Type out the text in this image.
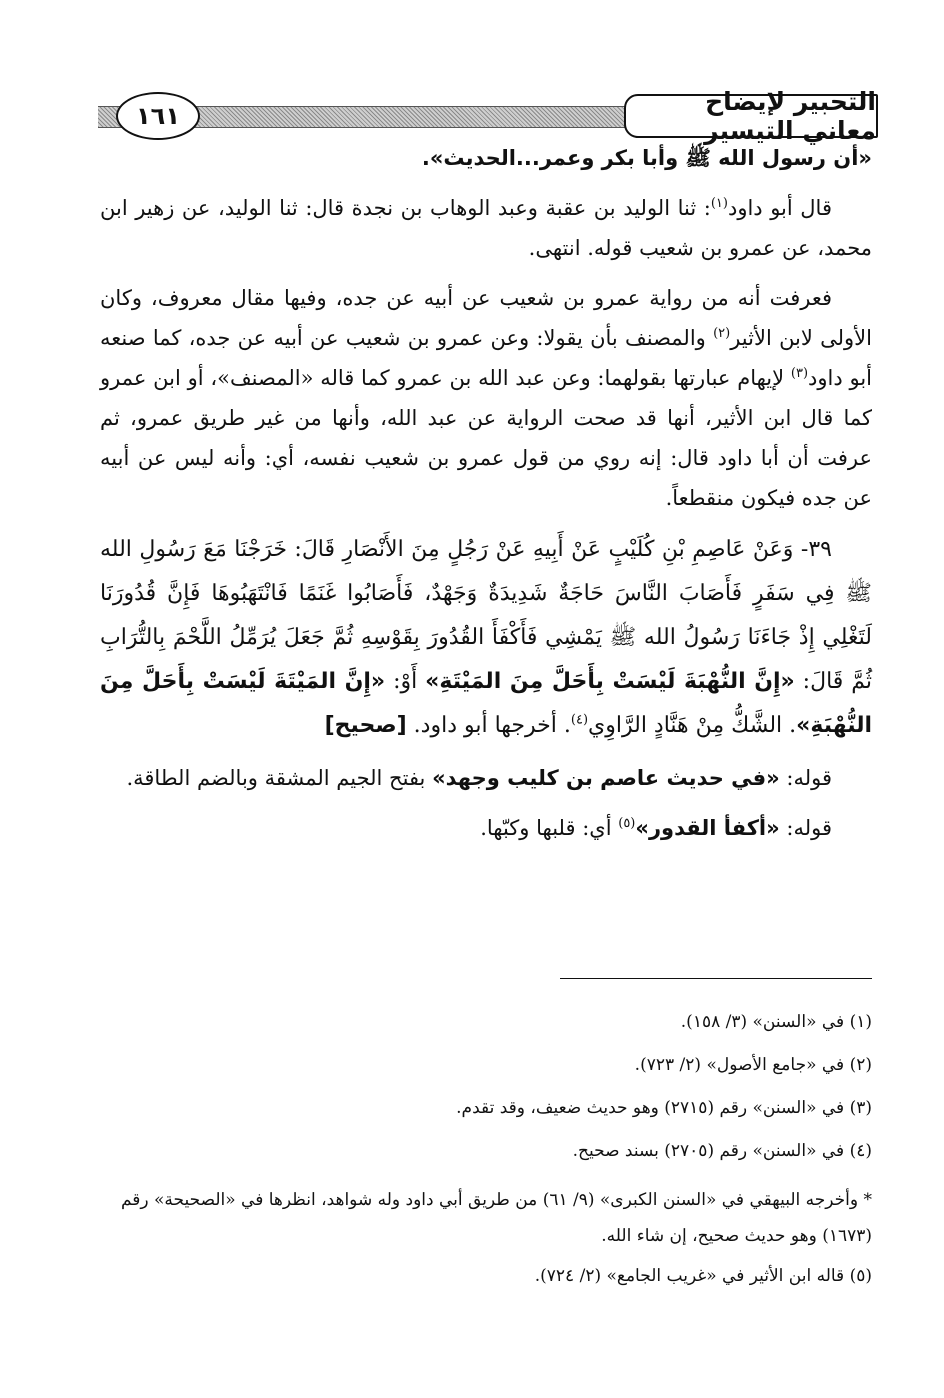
١٦١	التحبير لإيضاح معاني التيسير

«أن رسول الله ﷺ وأبا بكر وعمر...الحديث».

قال أبو داود$^{(١)}$: ثنا الوليد بن عقبة وعبد الوهاب بن نجدة قال: ثنا الوليد، عن زهير ابن محمد، عن عمرو بن شعيب قوله. انتهى.

فعرفت أنه من رواية عمرو بن شعيب عن أبيه عن جده، وفيها مقال معروف، وكان الأولى لابن الأثير$^{(٢)}$ والمصنف بأن يقولا: وعن عمرو بن شعيب عن أبيه عن جده، كما صنعه أبو داود$^{(٣)}$ لإيهام عبارتها بقولهما: وعن عبد الله بن عمرو كما قاله «المصنف»، أو ابن عمرو كما قال ابن الأثير، أنها قد صحت الرواية عن عبد الله، وأنها من غير طريق عمرو، ثم عرفت أن أبا داود قال: إنه روي من قول عمرو بن شعيب نفسه، أي: وأنه ليس عن أبيه عن جده فيكون منقطعاً.

٣٩- وَعَنْ عَاصِمِ بْنِ كُلَيْبٍ عَنْ أَبِيهِ عَنْ رَجُلٍ مِنَ الأَنْصَارِ قَالَ: خَرَجْنَا مَعَ رَسُولِ الله ﷺ فِي سَفَرٍ فَأَصَابَ النَّاسَ حَاجَةٌ شَدِيدَةٌ وَجَهْدٌ، فَأَصَابُوا غَنَمًا فَانْتَهَبُوهَا فَإِنَّ قُدُورَنَا لَتَغْلِي إِذْ جَاءَنَا رَسُولُ الله ﷺ يَمْشِي فَأَكْفَأَ القُدُورَ بِقَوْسِهِ ثُمَّ جَعَلَ يُرَمِّلُ اللَّحْمَ بِالتُّرَابِ ثُمَّ قَالَ: «إِنَّ النُّهْبَةَ لَيْسَتْ بِأَحَلَّ مِنَ المَيْتَةِ» أَوْ: «إِنَّ المَيْتَةَ لَيْسَتْ بِأَحَلَّ مِنَ النُّهْبَةِ». الشَّكُّ مِنْ هَنَّادٍ الرَّاوِي$^{(٤)}$. أخرجها أبو داود. [صحيح]

قوله: «في حديث عاصم بن كليب وجهد» بفتح الجيم المشقة وبالضم الطاقة.

قوله: «أكفأ القدور»$^{(٥)}$ أي: قلبها وكبّها.

(١) في «السنن» (٣/ ١٥٨).
(٢) في «جامع الأصول» (٢/ ٧٢٣).
(٣) في «السنن» رقم (٢٧١٥) وهو حديث ضعيف، وقد تقدم.
(٤) في «السنن» رقم (٢٧٠٥) بسند صحيح.
* وأخرجه البيهقي في «السنن الكبرى» (٩/ ٦١) من طريق أبي داود وله شواهد، انظرها في «الصحيحة» رقم (١٦٧٣) وهو حديث صحيح، إن شاء الله.
(٥) قاله ابن الأثير في «غريب الجامع» (٢/ ٧٢٤).
